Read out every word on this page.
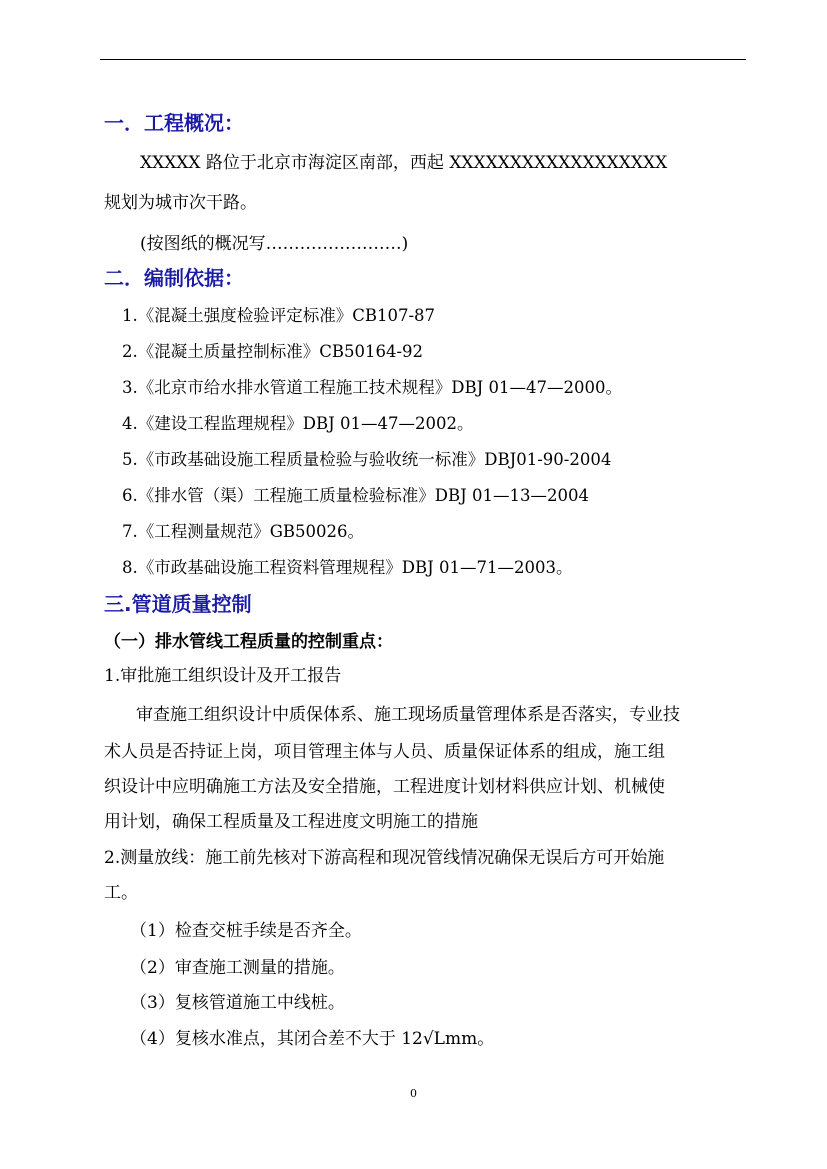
一．工程概况：
XXXXX 路位于北京市海淀区南部，西起 XXXXXXXXXXXXXXXXXX
规划为城市次干路。
(按图纸的概况写……………………)
二．编制依据：
1.《混凝土强度检验评定标准》CB107-87
2.《混凝土质量控制标准》CB50164-92
3.《北京市给水排水管道工程施工技术规程》DBJ 01—47—2000。
4.《建设工程监理规程》DBJ 01—47—2002。
5.《市政基础设施工程质量检验与验收统一标准》DBJ01-90-2004
6.《排水管（渠）工程施工质量检验标准》DBJ 01—13—2004
7.《工程测量规范》GB50026。
8.《市政基础设施工程资料管理规程》DBJ 01—71—2003。
三.管道质量控制
（一）排水管线工程质量的控制重点：
1.审批施工组织设计及开工报告
审查施工组织设计中质保体系、施工现场质量管理体系是否落实，专业技
术人员是否持证上岗，项目管理主体与人员、质量保证体系的组成，施工组
织设计中应明确施工方法及安全措施，工程进度计划材料供应计划、机械使
用计划，确保工程质量及工程进度文明施工的措施
2.测量放线：施工前先核对下游高程和现况管线情况确保无误后方可开始施
工。
（1）检查交桩手续是否齐全。
（2）审查施工测量的措施。
（3）复核管道施工中线桩。
（4）复核水准点，其闭合差不大于 12√Lmm。
0
